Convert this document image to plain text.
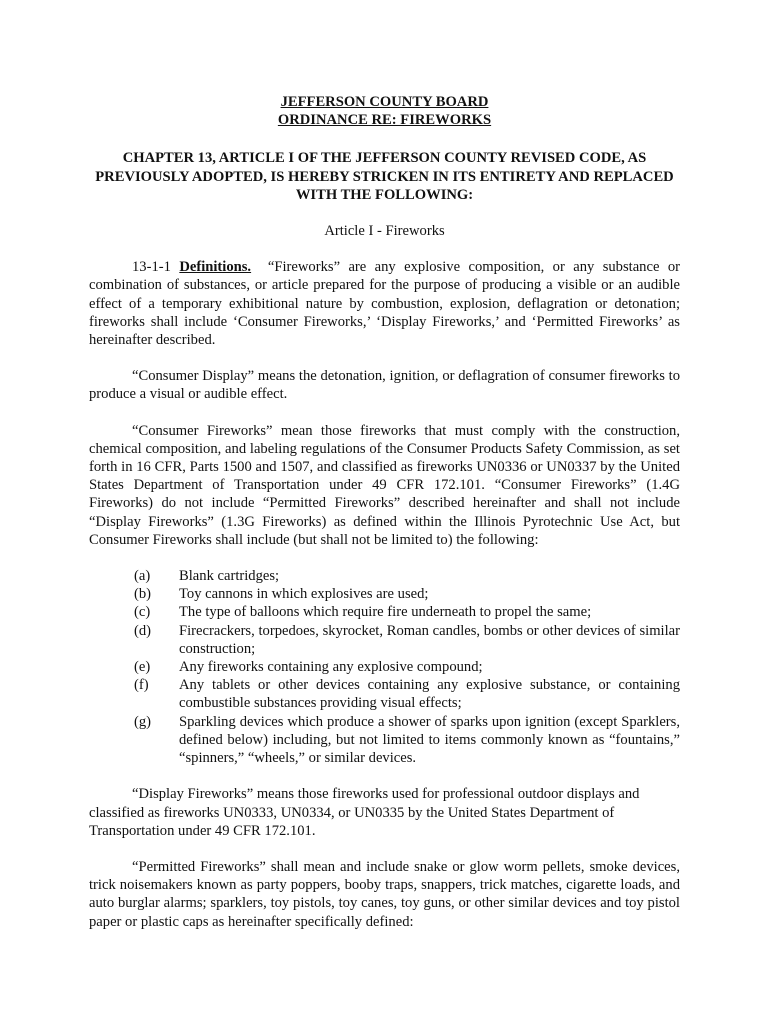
JEFFERSON COUNTY BOARD

ORDINANCE RE: FIREWORKS

CHAPTER 13, ARTICLE I OF THE JEFFERSON COUNTY REVISED CODE, AS PREVIOUSLY ADOPTED, IS HEREBY STRICKEN IN ITS ENTIRETY AND REPLACED WITH THE FOLLOWING:

Article I - Fireworks

13-1-1 Definitions. “Fireworks” are any explosive composition, or any substance or combination of substances, or article prepared for the purpose of producing a visible or an audible effect of a temporary exhibitional nature by combustion, explosion, deflagration or detonation; fireworks shall include ‘Consumer Fireworks,’ ‘Display Fireworks,’ and ‘Permitted Fireworks’ as hereinafter described.

“Consumer Display” means the detonation, ignition, or deflagration of consumer fireworks to produce a visual or audible effect.

“Consumer Fireworks” mean those fireworks that must comply with the construction, chemical composition, and labeling regulations of the Consumer Products Safety Commission, as set forth in 16 CFR, Parts 1500 and 1507, and classified as fireworks UN0336 or UN0337 by the United States Department of Transportation under 49 CFR 172.101. “Consumer Fireworks” (1.4G Fireworks) do not include “Permitted Fireworks” described hereinafter and shall not include “Display Fireworks” (1.3G Fireworks) as defined within the Illinois Pyrotechnic Use Act, but Consumer Fireworks shall include (but shall not be limited to) the following:

(a)	Blank cartridges;
(b)	Toy cannons in which explosives are used;
(c)	The type of balloons which require fire underneath to propel the same;
(d)	Firecrackers, torpedoes, skyrocket, Roman candles, bombs or other devices of similar construction;
(e)	Any fireworks containing any explosive compound;
(f)	Any tablets or other devices containing any explosive substance, or containing combustible substances providing visual effects;
(g)	Sparkling devices which produce a shower of sparks upon ignition (except Sparklers, defined below) including, but not limited to items commonly known as “fountains,” “spinners,” “wheels,” or similar devices.

“Display Fireworks” means those fireworks used for professional outdoor displays and classified as fireworks UN0333, UN0334, or UN0335 by the United States Department of Transportation under 49 CFR 172.101.

“Permitted Fireworks” shall mean and include snake or glow worm pellets, smoke devices, trick noisemakers known as party poppers, booby traps, snappers, trick matches, cigarette loads, and auto burglar alarms; sparklers, toy pistols, toy canes, toy guns, or other similar devices and toy pistol paper or plastic caps as hereinafter specifically defined:
